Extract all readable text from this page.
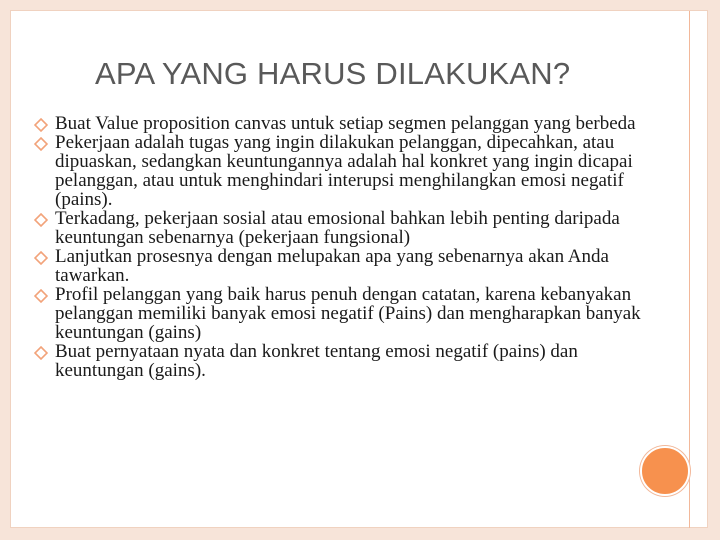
APA YANG HARUS DILAKUKAN?
Buat Value proposition canvas untuk setiap segmen pelanggan yang berbeda
Pekerjaan adalah tugas yang ingin dilakukan pelanggan, dipecahkan, atau dipuaskan, sedangkan keuntungannya adalah hal konkret yang ingin dicapai pelanggan, atau untuk menghindari interupsi menghilangkan emosi negatif (pains).
Terkadang, pekerjaan sosial atau emosional bahkan lebih penting daripada keuntungan sebenarnya (pekerjaan fungsional)
Lanjutkan prosesnya dengan melupakan apa yang sebenarnya akan Anda tawarkan.
Profil pelanggan yang baik harus penuh dengan catatan, karena kebanyakan pelanggan memiliki banyak emosi negatif (Pains) dan mengharapkan banyak keuntungan (gains)
Buat pernyataan nyata dan konkret tentang emosi negatif (pains) dan keuntungan (gains).
